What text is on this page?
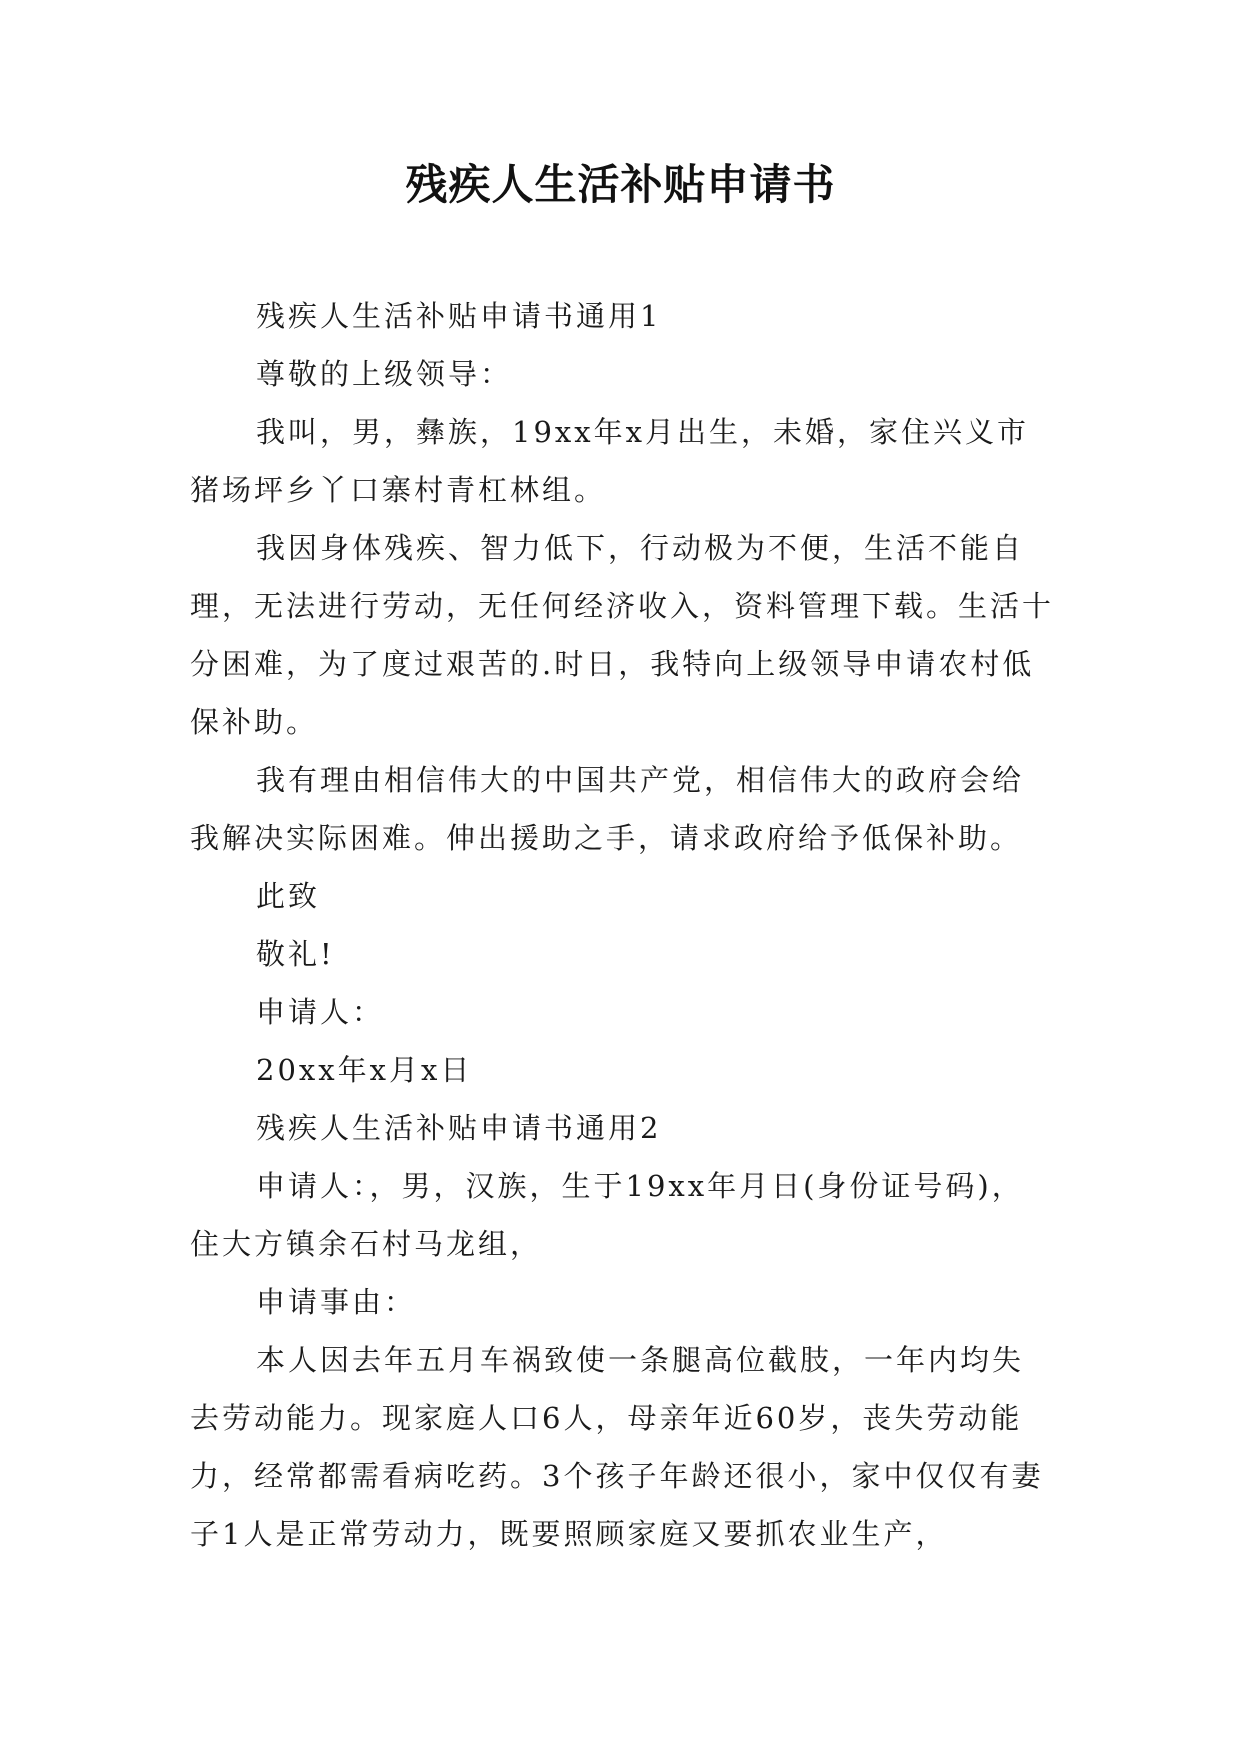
残疾人生活补贴申请书

残疾人生活补贴申请书通用1

尊敬的上级领导：

我叫，男，彝族，19xx年x月出生，未婚，家住兴义市猪场坪乡丫口寨村青杠林组。

我因身体残疾、智力低下，行动极为不便，生活不能自理，无法进行劳动，无任何经济收入，资料管理下载。生活十分困难，为了度过艰苦的.时日，我特向上级领导申请农村低保补助。

我有理由相信伟大的中国共产党，相信伟大的政府会给我解决实际困难。伸出援助之手，请求政府给予低保补助。

此致

敬礼!

申请人：

20xx年x月x日

残疾人生活补贴申请书通用2

申请人：，男，汉族，生于19xx年月日(身份证号码)，住大方镇余石村马龙组，

申请事由：

本人因去年五月车祸致使一条腿高位截肢，一年内均失去劳动能力。现家庭人口6人，母亲年近60岁，丧失劳动能力，经常都需看病吃药。3个孩子年龄还很小，家中仅仅有妻子1人是正常劳动力，既要照顾家庭又要抓农业生产，
